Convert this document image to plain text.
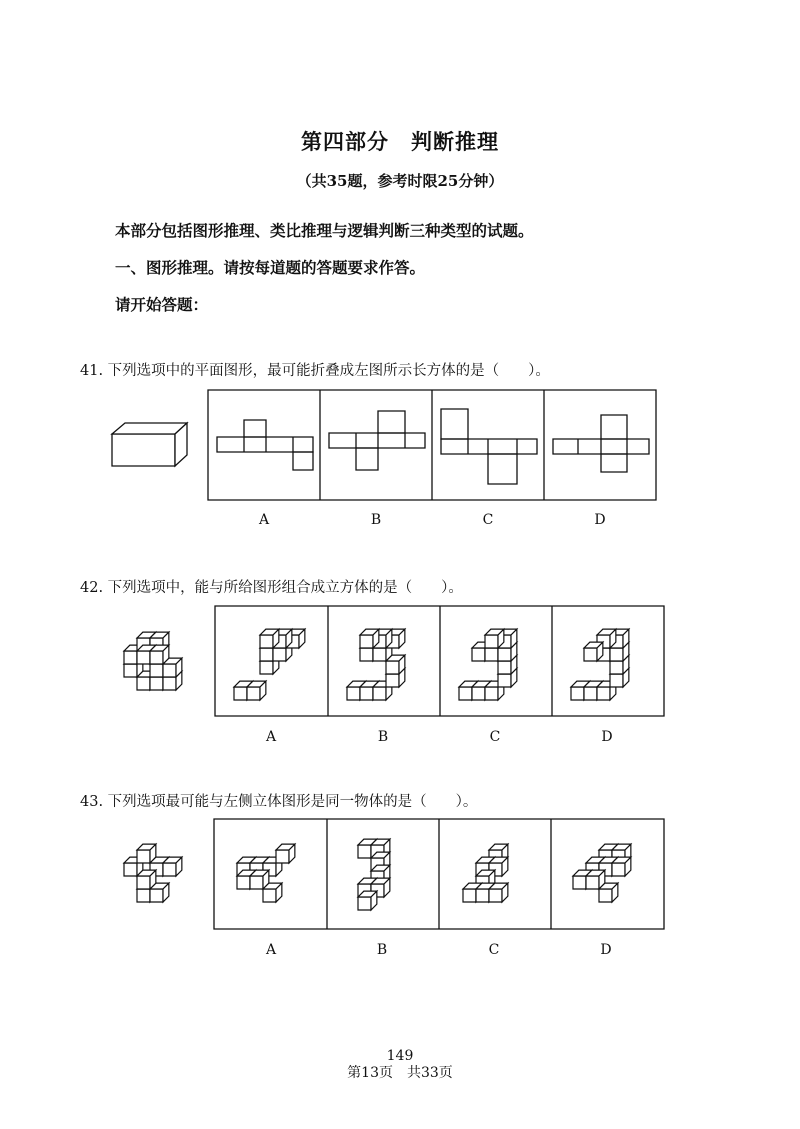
第四部分　判断推理
（共35题，参考时限25分钟）
本部分包括图形推理、类比推理与逻辑判断三种类型的试题。
一、图形推理。请按每道题的答题要求作答。
请开始答题：
41. 下列选项中的平面图形，最可能折叠成左图所示长方体的是（　　）。
42. 下列选项中，能与所给图形组合成立方体的是（　　）。
43. 下列选项最可能与左侧立体图形是同一物体的是（　　）。
A	B	C	D
A	B	C	D
A	B	C	D
149
第13页　共33页
